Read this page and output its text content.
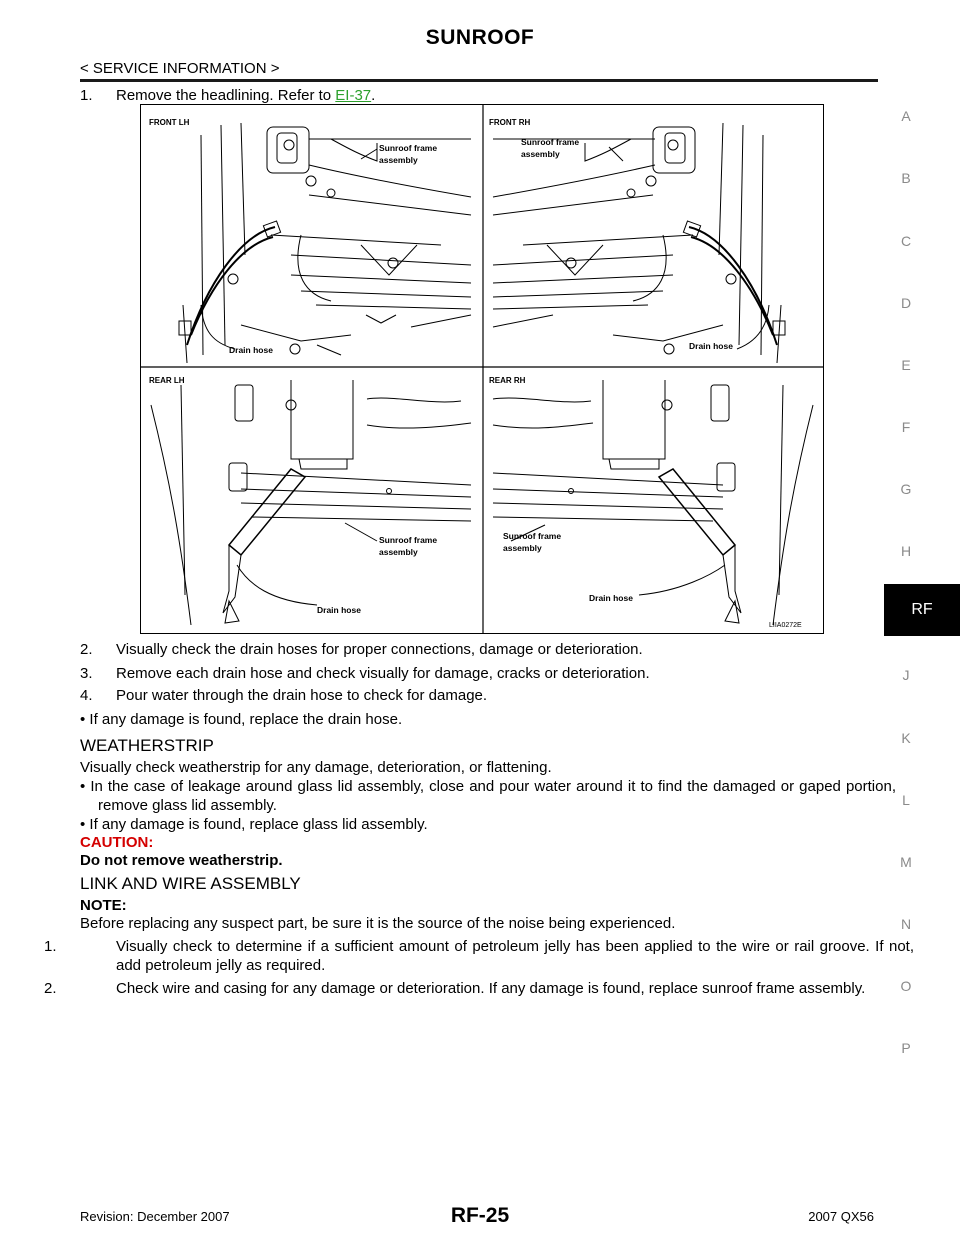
SUNROOF
< SERVICE INFORMATION >
A
B
C
D
E
F
G
H
RF
J
K
L
M
N
O
P
1. Remove the headlining. Refer to EI-37.
FRONT LH	FRONT RH
REAR LH	REAR RH
Sunroof frame
assembly
Sunroof frame
assembly
Drain hose	Drain hose
Sunroof frame
assembly
Sunroof frame
assembly
Drain hose
Drain hose
LIIA0272E
2. Visually check the drain hoses for proper connections, damage or deterioration.
3. Remove each drain hose and check visually for damage, cracks or deterioration.
4. Pour water through the drain hose to check for damage.
• If any damage is found, replace the drain hose.
WEATHERSTRIP
Visually check weatherstrip for any damage, deterioration, or flattening.
• In the case of leakage around glass lid assembly, close and pour water around it to find the damaged or gaped portion, remove glass lid assembly.
• If any damage is found, replace glass lid assembly.
CAUTION:
Do not remove weatherstrip.
LINK AND WIRE ASSEMBLY
NOTE:
Before replacing any suspect part, be sure it is the source of the noise being experienced.
1.	Visually check to determine if a sufficient amount of petroleum jelly has been applied to the wire or rail groove. If not, add petroleum jelly as required.
2.	Check wire and casing for any damage or deterioration. If any damage is found, replace sunroof frame assembly.
Revision: December 2007	RF-25	2007 QX56
